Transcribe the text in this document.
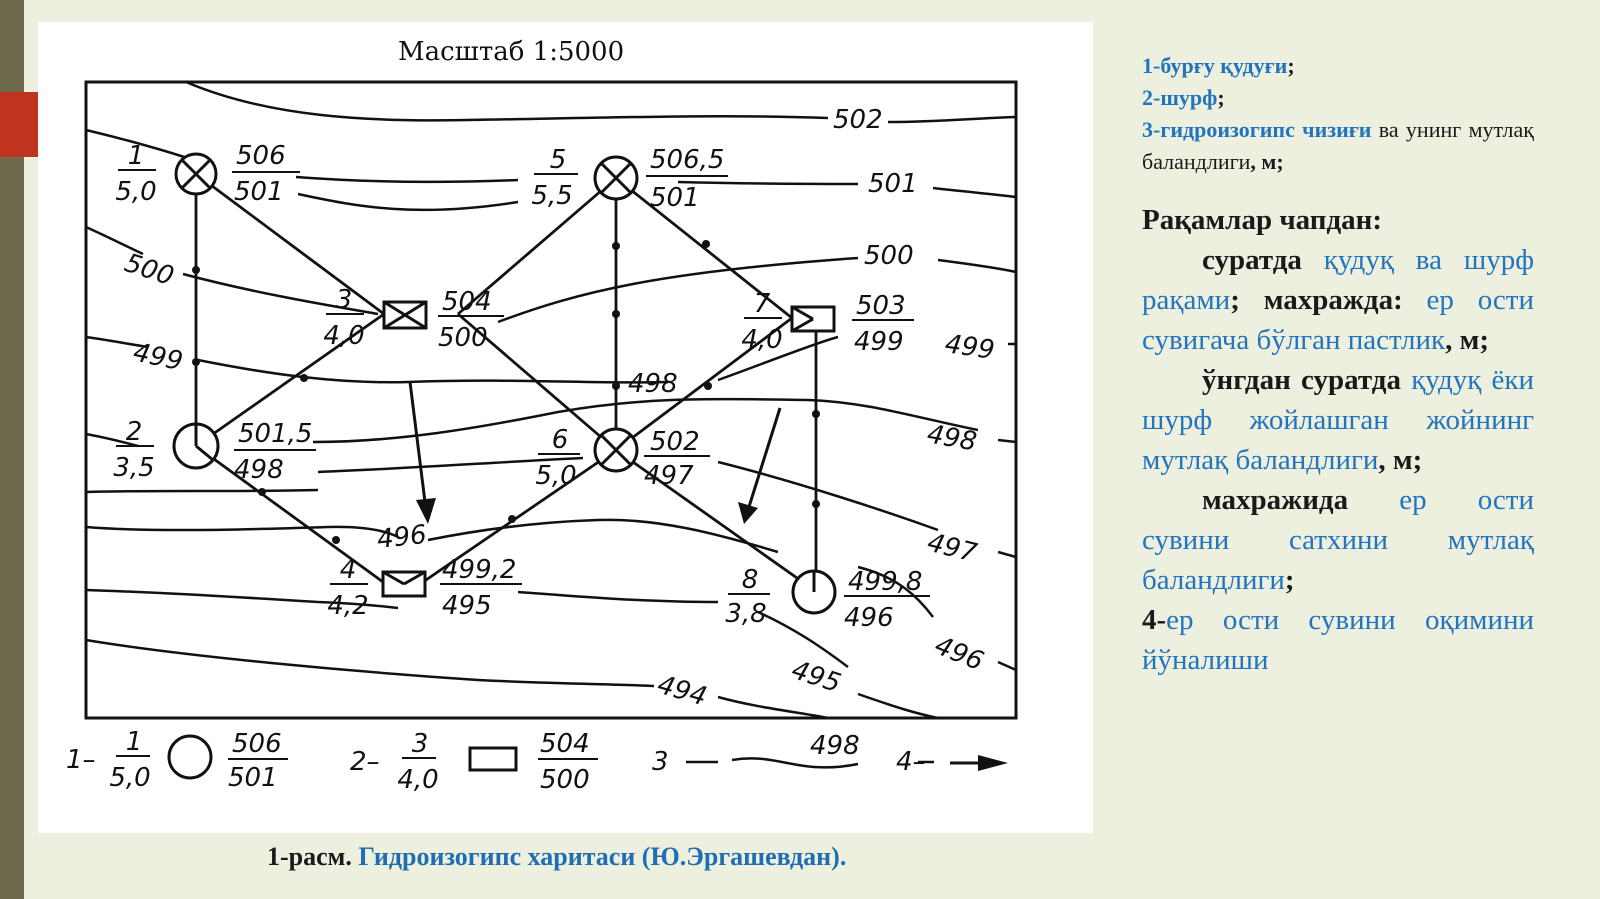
Масштаб 1:5000
502
501
500	500
499	499
498
498
497
496
496
495
494
1
5,0
5
5,5
3
4,0
7
4,0
2
3,5
6
5,0
4
4,2
8
3,8
506
501
506,5
501
504
500
503
499
501,5
498
502
497
499,2
495
499,8
496
1–
1
5,0
506
501
2–
3
4,0
504
500
3
498
4–
1-расм. Гидроизогипс харитаси (Ю.Эргашевдан).

1-бурғу қудуғи;

2-шурф;

3-гидроизогипс чизиғи ва унинг мутлақ баландлиги, м;

Рақамлар чапдан:

суратда қудуқ ва шурф рақами; махражда: ер ости сувигача бўлган пастлик, м;

ўнгдан суратда қудуқ ёки шурф жойлашган жойнинг мутлақ баландлиги, м;

махражида ер ости сувини сатхини мутлақ баландлиги;

4-ер ости сувини оқимини йўналиши
